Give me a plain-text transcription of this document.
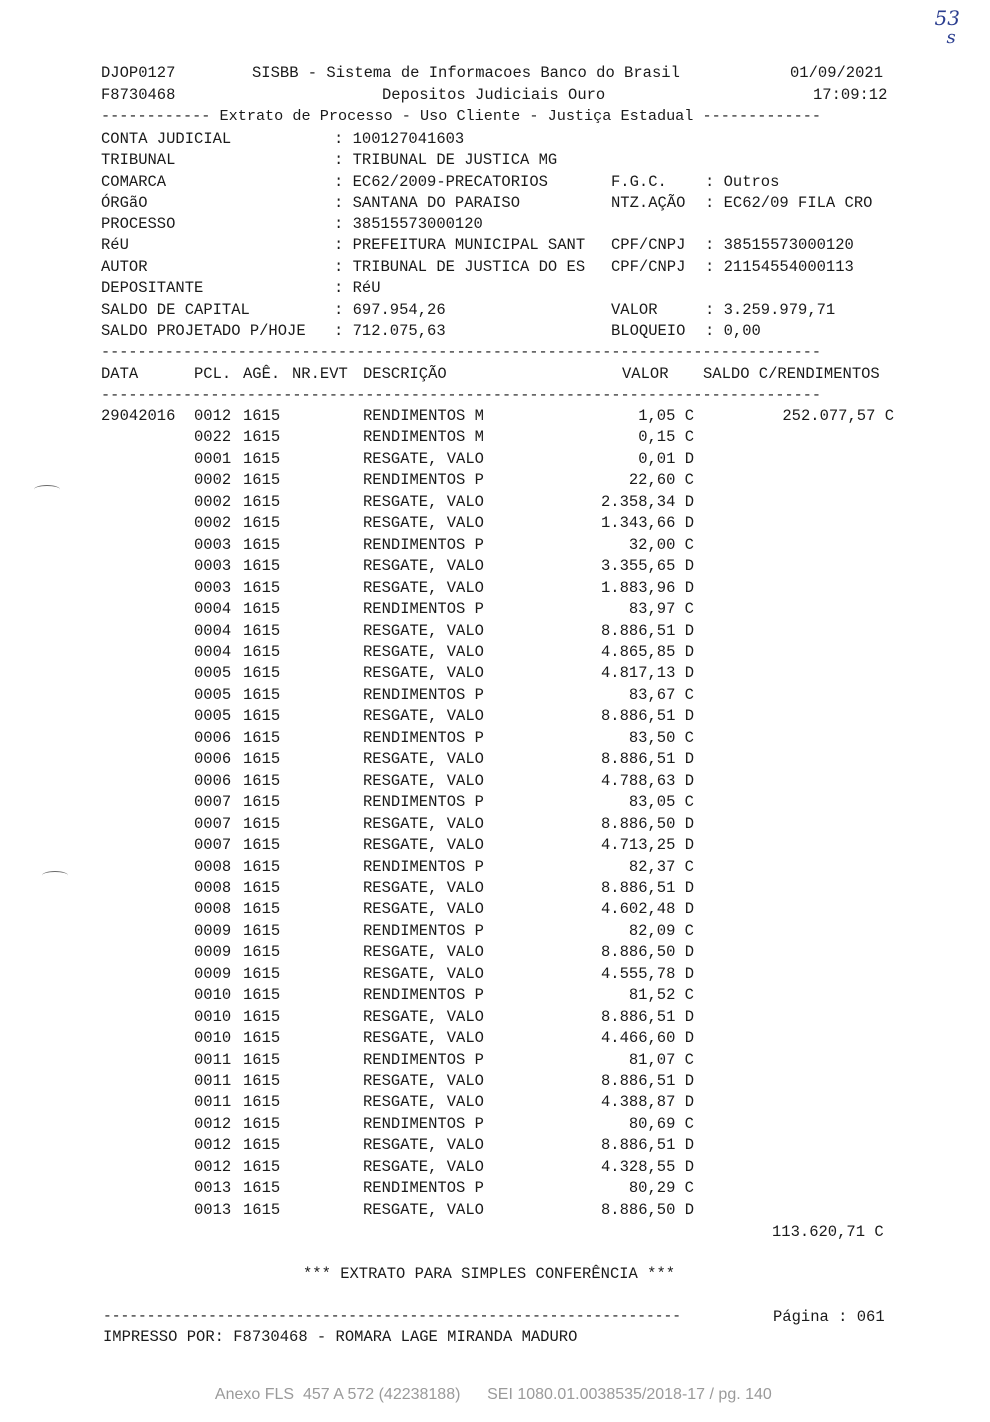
53
s
DJOP0127	SISBB - Sistema de Informacoes Banco do Brasil	01/09/2021
F8730468	Depositos Judiciais Ouro	17:09:12
------------ Extrato de Processo - Uso Cliente - Justiça Estadual -------------
CONTA JUDICIAL	: 100127041603
TRIBUNAL	: TRIBUNAL DE JUSTICA MG
COMARCA	: EC62/2009-PRECATORIOS	F.G.C. : Outros
ÓRGãO	: SANTANA DO PARAISO	NTZ.AÇÃO : EC62/09 FILA CRO
PROCESSO	: 38515573000120
RéU	: PREFEITURA MUNICIPAL SANT CPF/CNPJ : 38515573000120
AUTOR	: TRIBUNAL DE JUSTICA DO ES CPF/CNPJ : 21154554000113
DEPOSITANTE	: RéU
SALDO DE CAPITAL	: 697.954,26	VALOR	: 3.259.979,71
SALDO PROJETADO P/HOJE : 712.075,63	BLOQUEIO : 0,00
-------------------------------------------------------------------------------
DATA	PCL. AGÊ. NR.EVT DESCRIÇÃO	VALOR SALDO C/RENDIMENTOS
-------------------------------------------------------------------------------
29042016 0012 1615	RENDIMENTOS M	1,05 C	252.077,57 C
0022 1615	RENDIMENTOS M	0,15 C
0001 1615	RESGATE, VALO	0,01 D
0002 1615	RENDIMENTOS P	22,60 C
0002 1615	RESGATE, VALO	2.358,34 D
0002 1615	RESGATE, VALO	1.343,66 D
0003 1615	RENDIMENTOS P	32,00 C
0003 1615	RESGATE, VALO	3.355,65 D
0003 1615	RESGATE, VALO	1.883,96 D
0004 1615	RENDIMENTOS P	83,97 C
0004 1615	RESGATE, VALO	8.886,51 D
0004 1615	RESGATE, VALO	4.865,85 D
0005 1615	RESGATE, VALO	4.817,13 D
0005 1615	RENDIMENTOS P	83,67 C
0005 1615	RESGATE, VALO	8.886,51 D
0006 1615	RENDIMENTOS P	83,50 C
0006 1615	RESGATE, VALO	8.886,51 D
0006 1615	RESGATE, VALO	4.788,63 D
0007 1615	RENDIMENTOS P	83,05 C
0007 1615	RESGATE, VALO	8.886,50 D
0007 1615	RESGATE, VALO	4.713,25 D
0008 1615	RENDIMENTOS P	82,37 C
0008 1615	RESGATE, VALO	8.886,51 D
0008 1615	RESGATE, VALO	4.602,48 D
0009 1615	RENDIMENTOS P	82,09 C
0009 1615	RESGATE, VALO	8.886,50 D
0009 1615	RESGATE, VALO	4.555,78 D
0010 1615	RENDIMENTOS P	81,52 C
0010 1615	RESGATE, VALO	8.886,51 D
0010 1615	RESGATE, VALO	4.466,60 D
0011 1615	RENDIMENTOS P	81,07 C
0011 1615	RESGATE, VALO	8.886,51 D
0011 1615	RESGATE, VALO	4.388,87 D
0012 1615	RENDIMENTOS P	80,69 C
0012 1615	RESGATE, VALO	8.886,51 D
0012 1615	RESGATE, VALO	4.328,55 D
0013 1615	RENDIMENTOS P	80,29 C
0013 1615	RESGATE, VALO	8.886,50 D
113.620,71 C
*** EXTRATO PARA SIMPLES CONFERÊNCIA ***
------------------------------------------------------------------	Página : 061
IMPRESSO POR: F8730468 - ROMARA LAGE MIRANDA MADURO

Anexo FLS  457 A 572 (42238188) SEI 1080.01.0038535/2018-17 / pg. 140
